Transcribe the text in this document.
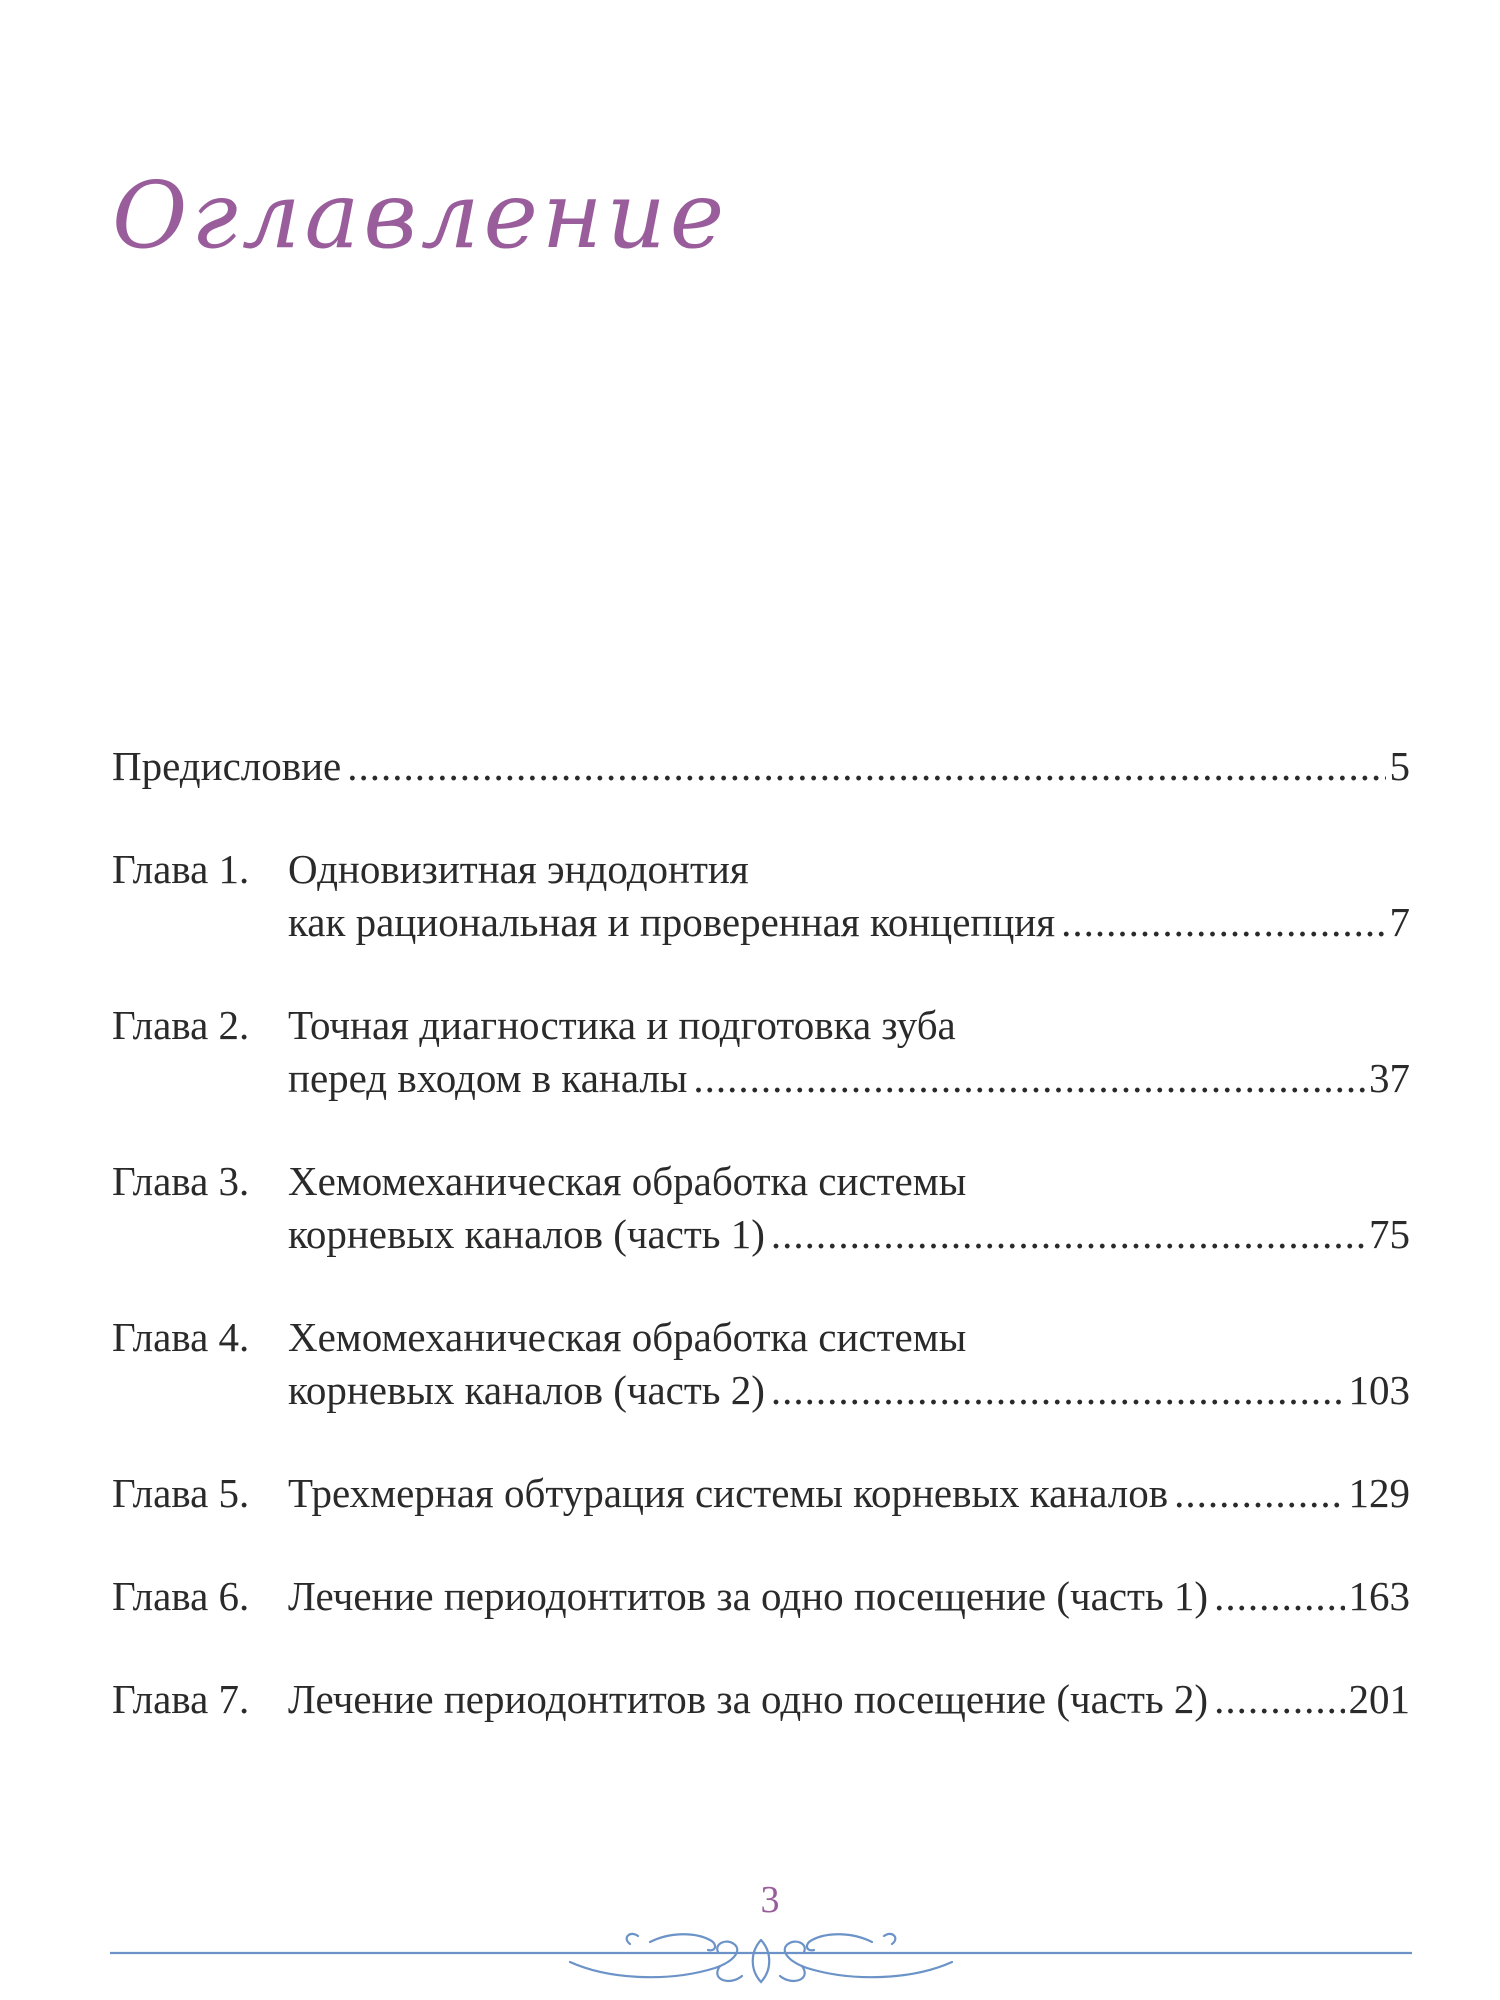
Оглавление
Предисловие .....	5
Глава 1. Одновизитная эндодонтия
как рациональная и проверенная концепция .....	7
Глава 2. Точная диагностика и подготовка зуба
перед входом в каналы .....	37
Глава 3. Хемомеханическая обработка системы
корневых каналов (часть 1) .....	75
Глава 4. Хемомеханическая обработка системы
корневых каналов (часть 2) .....	103
Глава 5. Трехмерная обтурация системы корневых каналов .....	129
Глава 6. Лечение периодонтитов за одно посещение (часть 1) .....	163
Глава 7. Лечение периодонтитов за одно посещение (часть 2) .....	201
3
